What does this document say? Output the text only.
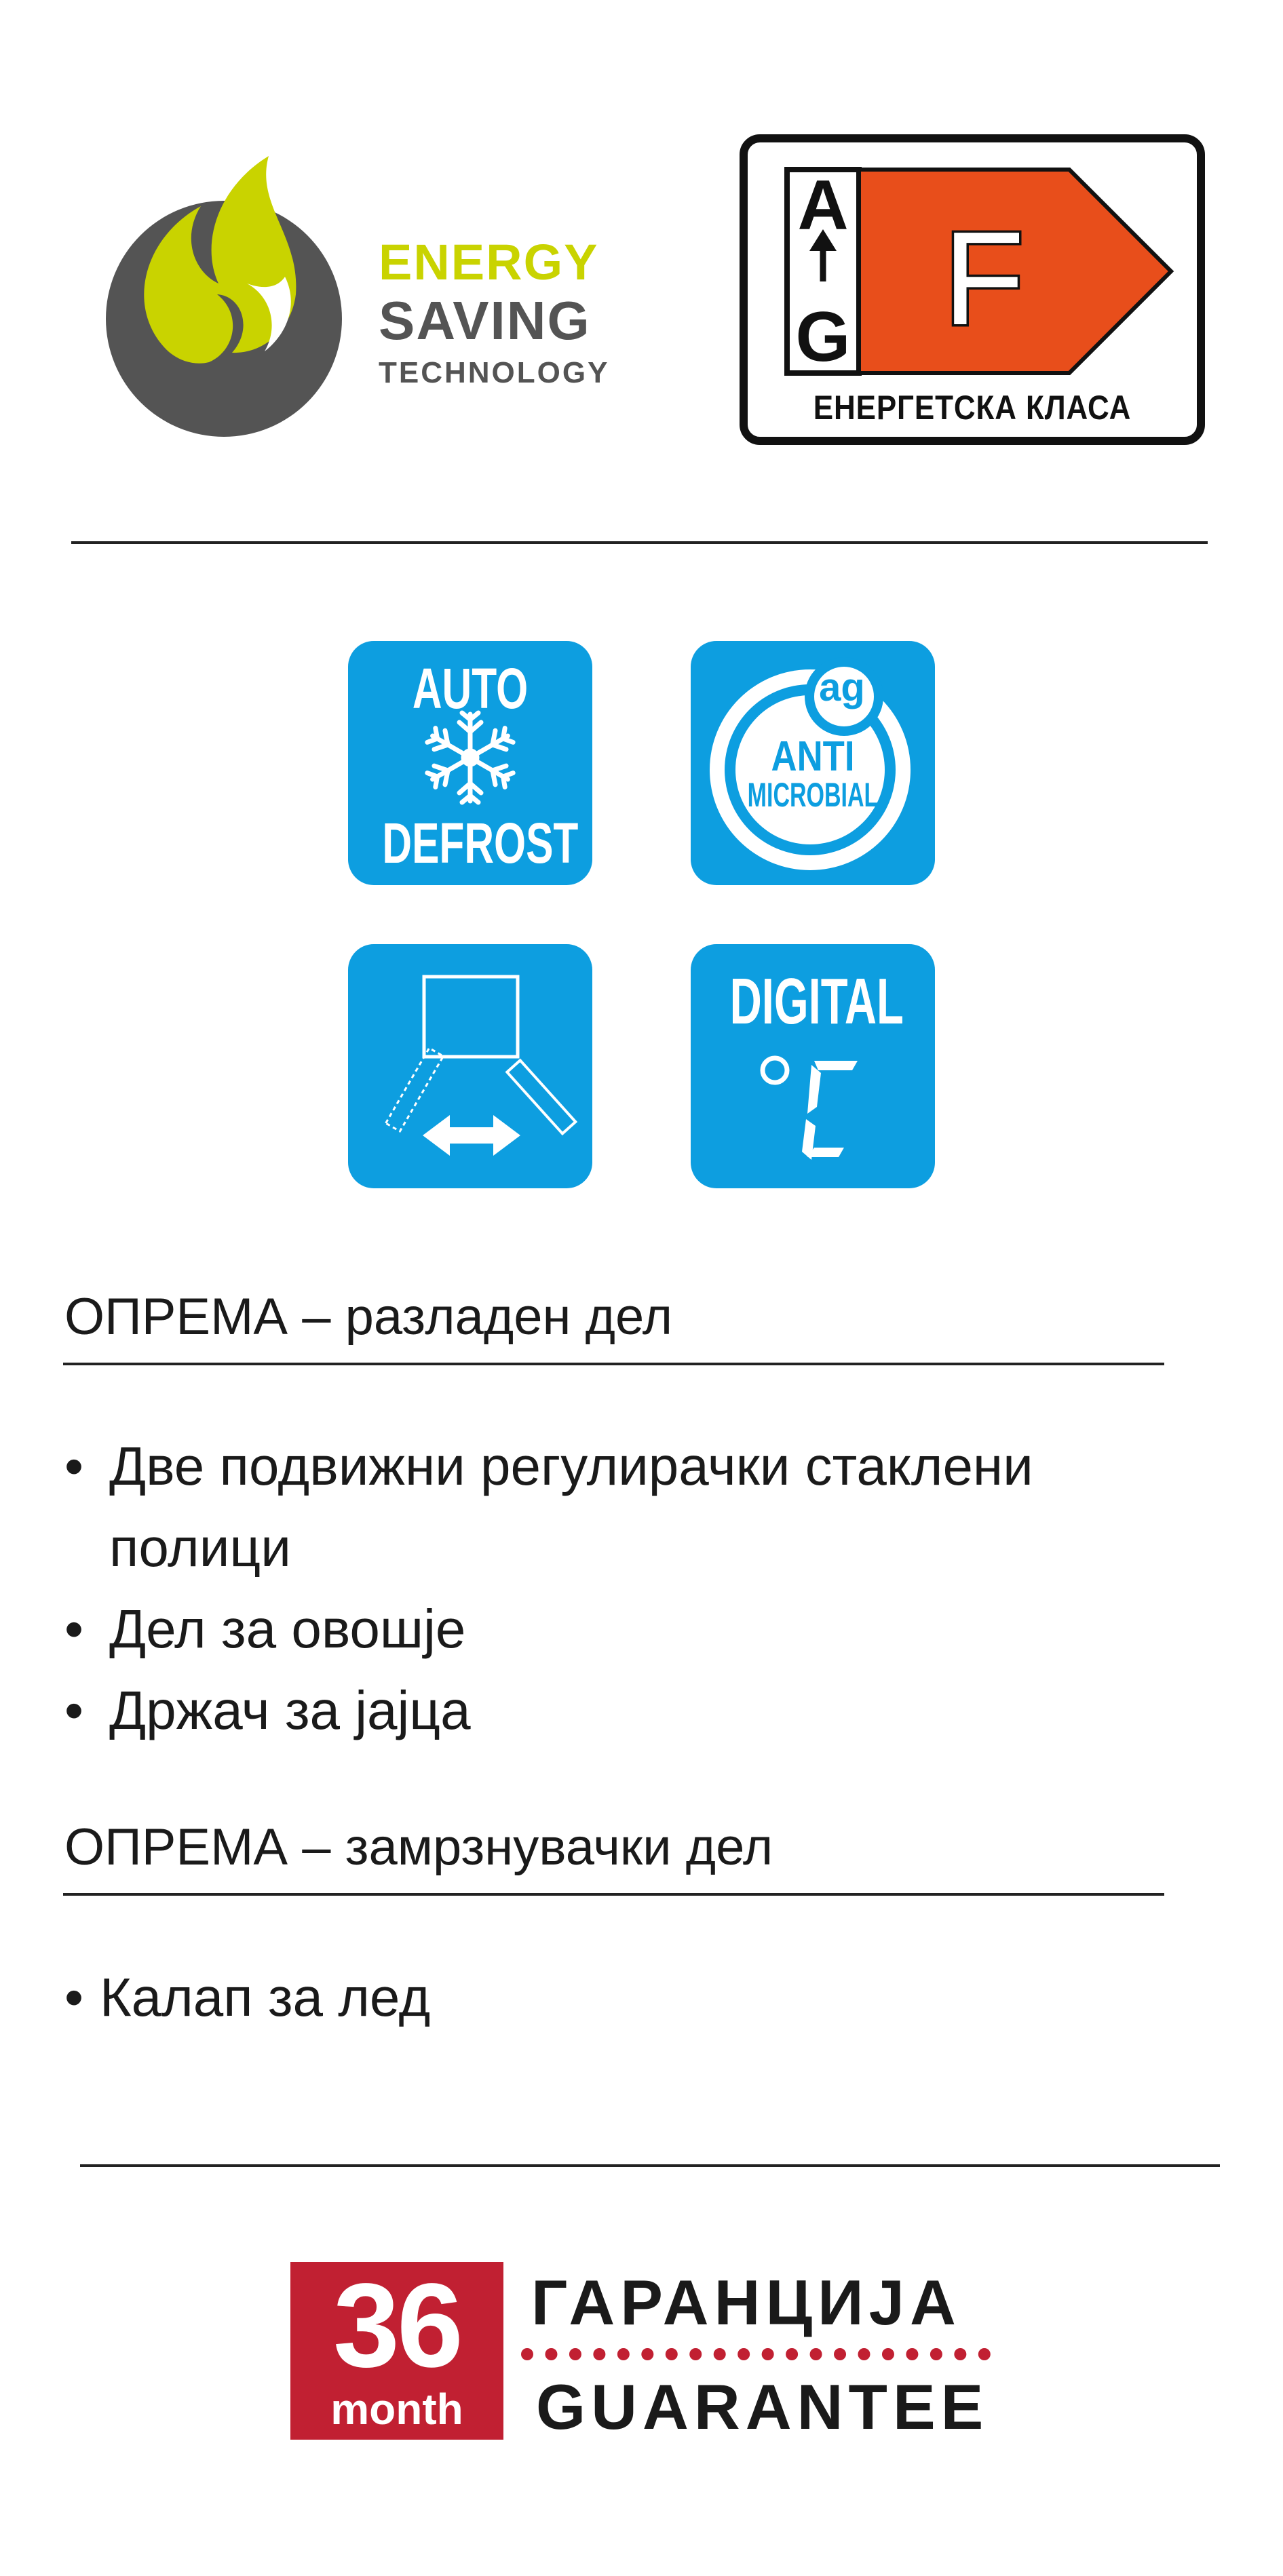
ENERGY
SAVING
TECHNOLOGY
A
G F
ЕНЕРГЕТСКА КЛАСА
AUTO
DEFROST
ag
ANTI
MICROBIAL
DIGITAL
ОПРЕМА – разладен дел
• Две подвижни регулирачки стаклени полици
• Дел за овошје
• Држач за јајца
ОПРЕМА – замрзнувачки дел
• Калап за лед
36
month
ГАРАНЦИЈА
GUARANTEE
